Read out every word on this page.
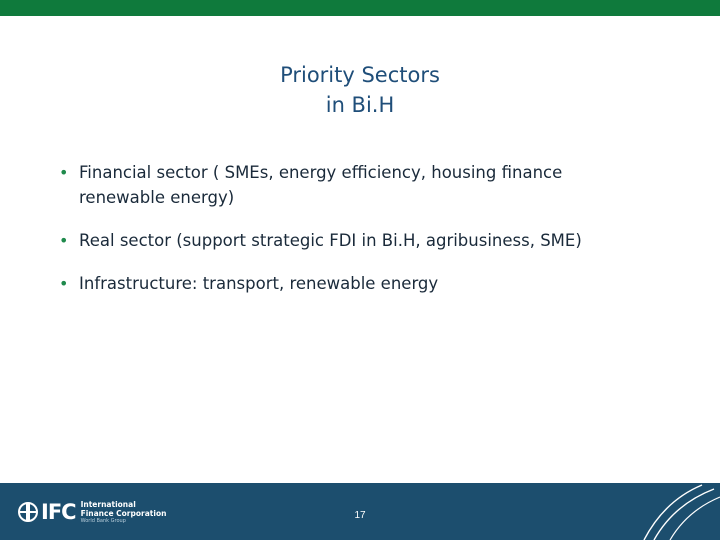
Priority Sectors
in Bi.H
• Financial sector ( SMEs, energy efficiency, housing finance
renewable energy)
• Real sector (support strategic FDI in Bi.H, agribusiness, SME)
• Infrastructure: transport, renewable energy
IFC International
Finance Corporation
World Bank Group	17
